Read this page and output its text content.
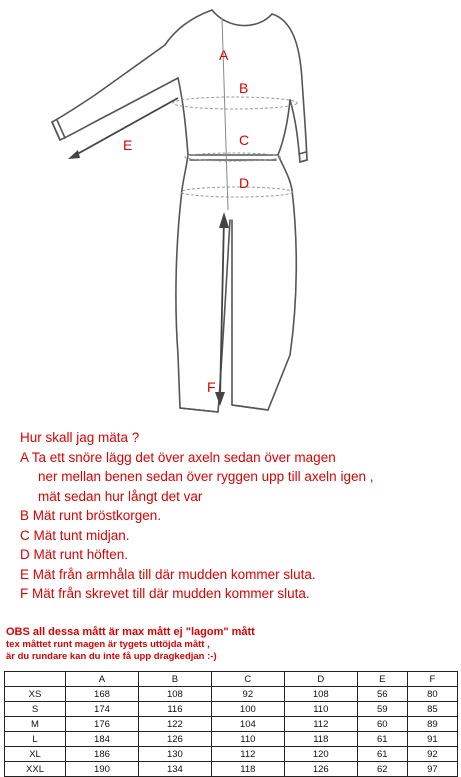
A
B
C
D
E
F
Hur skall jag mäta ?
A Ta ett snöre lägg det över axeln sedan över magen
ner mellan benen sedan över ryggen upp till axeln igen ,
mät sedan hur långt det var
B Mät runt bröstkorgen.
C Mät tunt midjan.
D Mät runt höften.
E Mät från armhåla till där mudden kommer sluta.
F Mät från skrevet till där mudden kommer sluta.
OBS all dessa mått är max mått ej "lagom" mått
tex måttet runt magen är tygets uttöjda mått ,
är du rundare kan du inte få upp dragkedjan :-)
	A	B	C	D	E	F
XS	168	108	92	108	56	80
S	174	116	100	110	59	85
M	176	122	104	112	60	89
L	184	126	110	118	61	91
XL	186	130	112	120	61	92
XXL	190	134	118	126	62	97
